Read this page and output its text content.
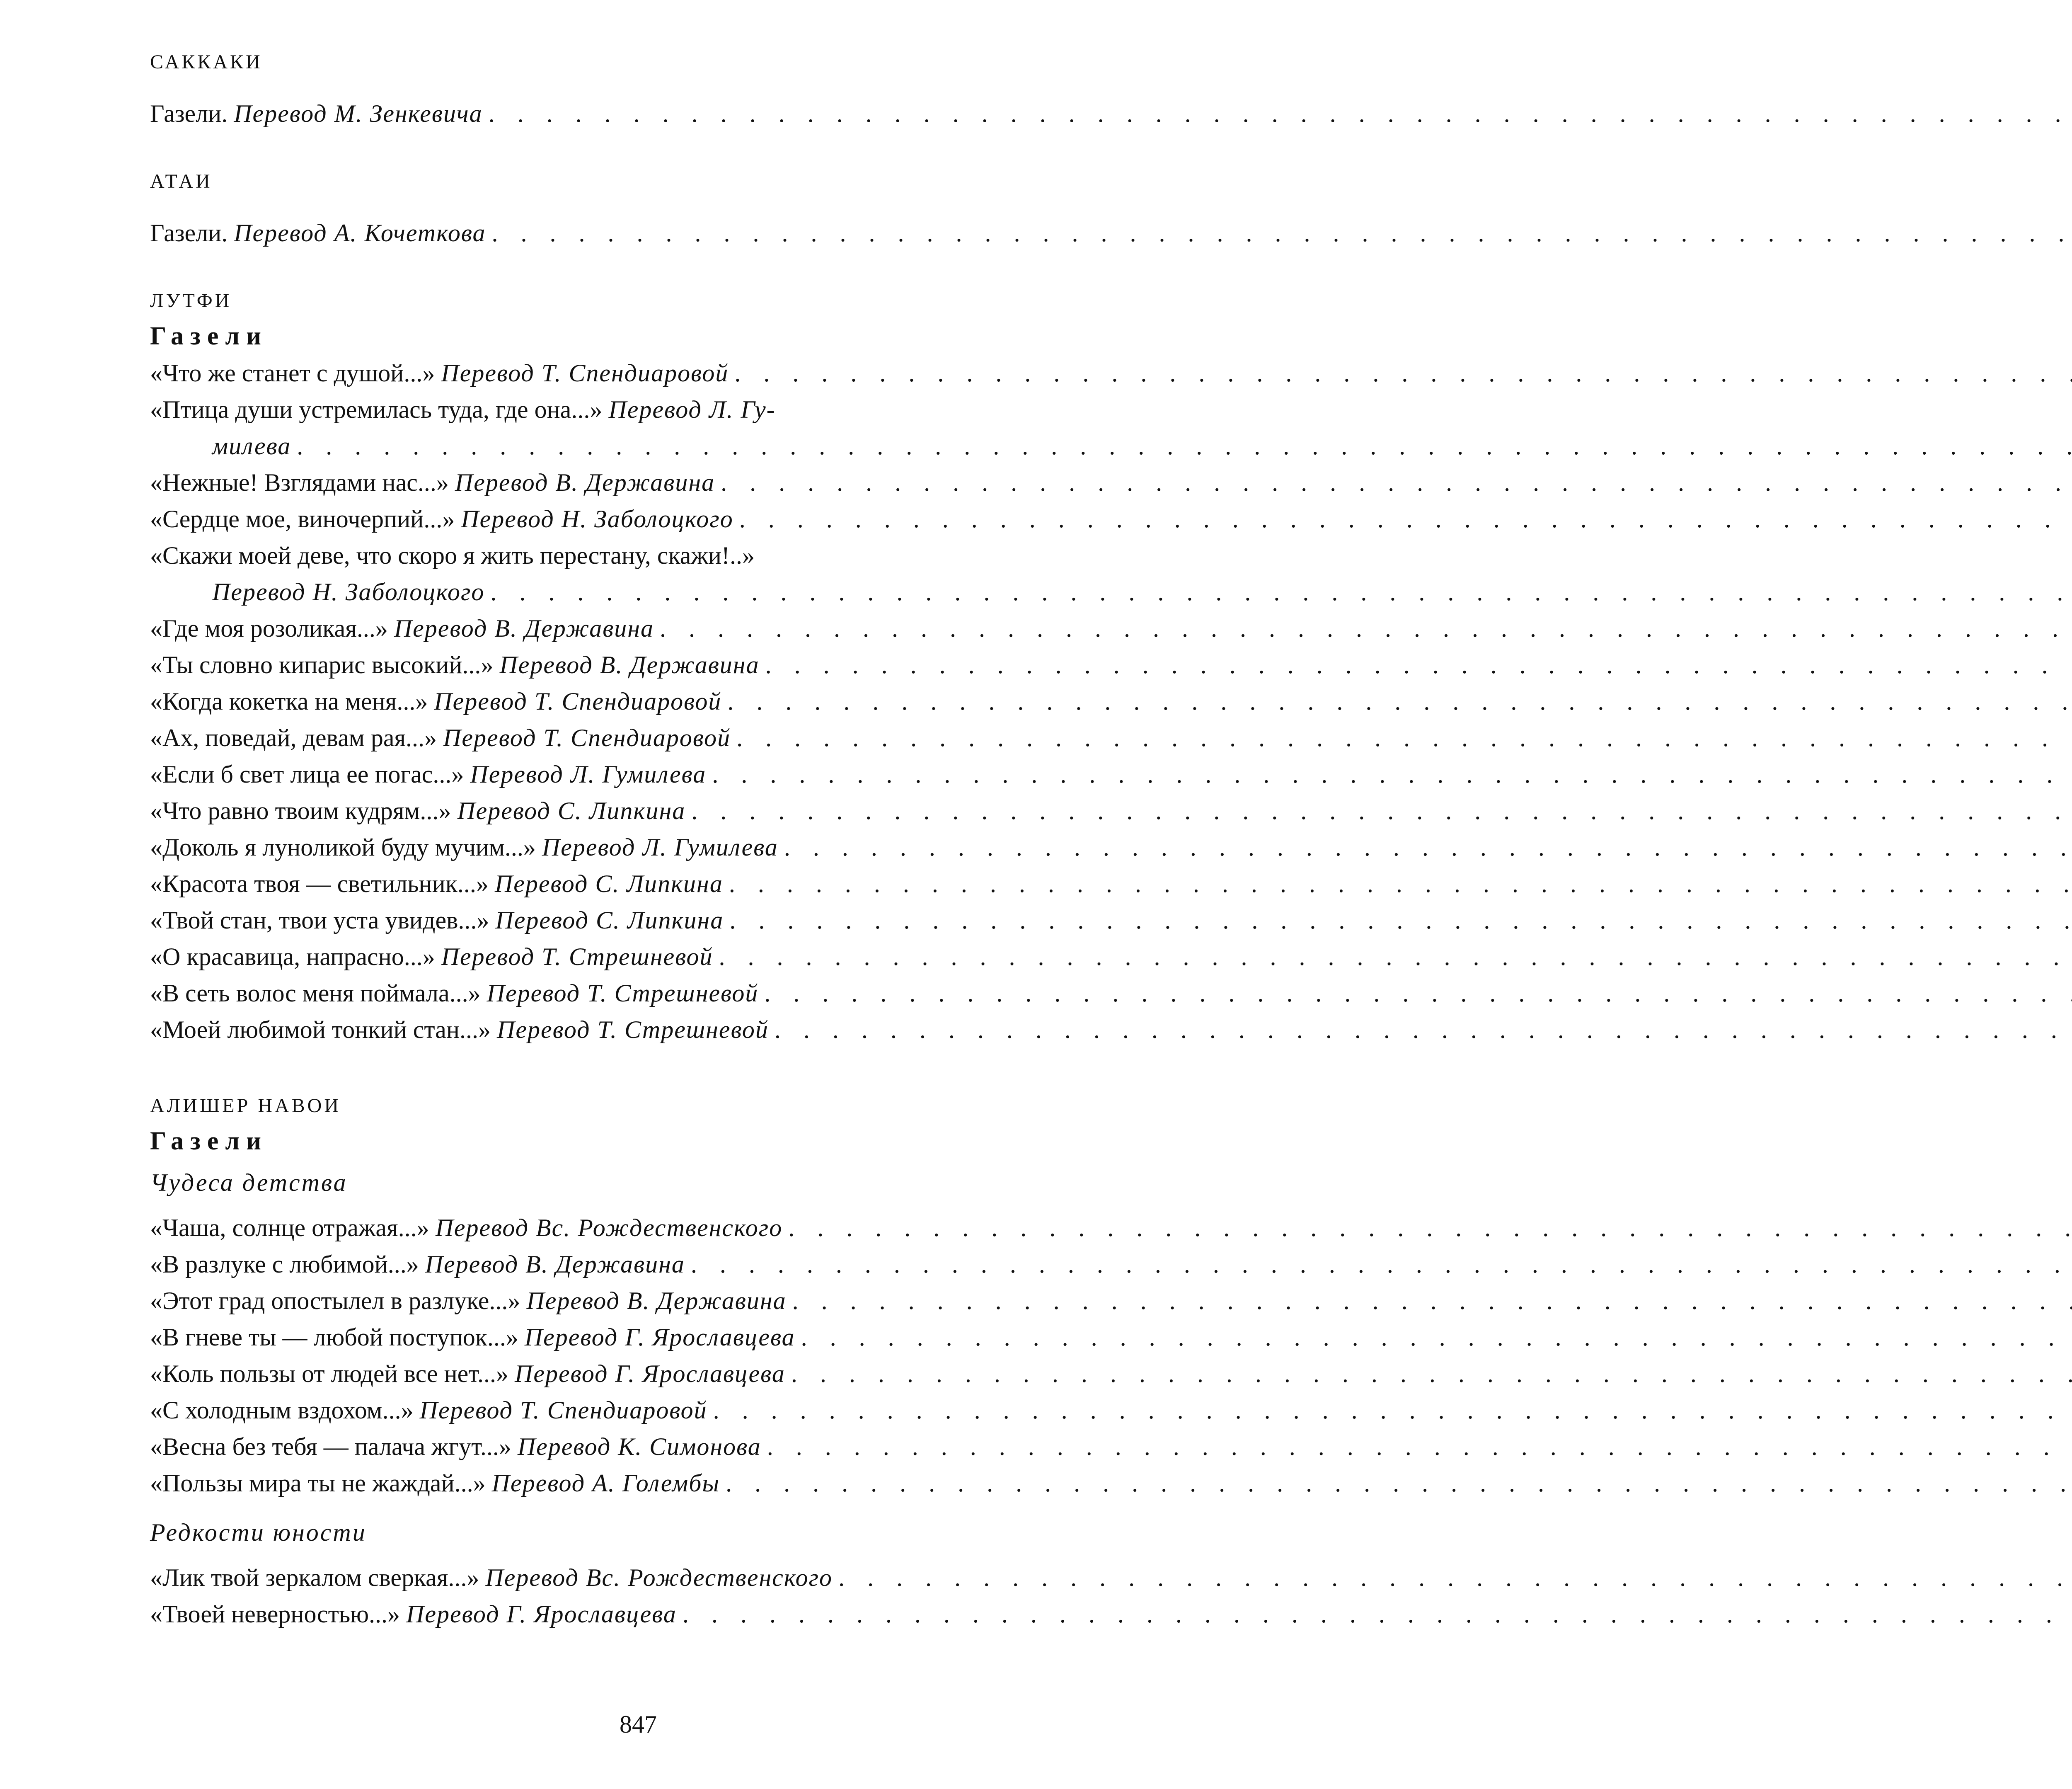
САККАКИ
Газели. Перевод М. Зенкевича
. . .
АТАИ
Газели. Перевод А. Кочеткова
. . .
ЛУТФИ
Газели
«Что же станет с душой...» Перевод Т. Спендиаровой
. . .
«Птица души устремилась туда, где она...» Перевод Л. Гу-
милева
. . .
«Нежные! Взглядами нас...» Перевод В. Державина
. . .
«Сердце мое, виночерпий...» Перевод Н. Заболоцкого
. . .
«Скажи моей деве, что скоро я жить перестану, скажи!..»
Перевод Н. Заболоцкого
. . .
«Где моя розоликая...» Перевод В. Державина
. . .
«Ты словно кипарис высокий...» Перевод В. Державина
. . .
«Когда кокетка на меня...» Перевод Т. Спендиаровой
. . .
«Ах, поведай, девам рая...» Перевод Т. Спендиаровой
. . .
«Если б свет лица ее погас...» Перевод Л. Гумилева
. . .
«Что равно твоим кудрям...» Перевод С. Липкина
. . .
«Доколь я луноликой буду мучим...» Перевод Л. Гумилева
. . .
«Красота твоя — светильник...» Перевод С. Липкина
. . .
«Твой стан, твои уста увидев...» Перевод С. Липкина
. . .
«О красавица, напрасно...» Перевод Т. Стрешневой
. . .
«В сеть волос меня поймала...» Перевод Т. Стрешневой
. . .
«Моей любимой тонкий стан...» Перевод Т. Стрешневой
. . .
АЛИШЕР НАВОИ
Газели
Чудеса детства
«Чаша, солнце отражая...» Перевод Вс. Рождественского
. . .
«В разлуке с любимой...» Перевод В. Державина
. . .
«Этот град опостылел в разлуке...» Перевод В. Державина
. . .
«В гневе ты — любой поступок...» Перевод Г. Ярославцева
. . .
«Коль пользы от людей все нет...» Перевод Г. Ярославцева
. . .
«С холодным вздохом...» Перевод Т. Спендиаровой
. . .
«Весна без тебя — палача жгут...» Перевод К. Симонова
. . .
«Пользы мира ты не жаждай...» Перевод А. Голембы
. . .
Редкости юности
«Лик твой зеркалом сверкая...» Перевод Вс. Рождественского
. . .
«Твоей неверностью...» Перевод Г. Ярославцева
. . .
847
